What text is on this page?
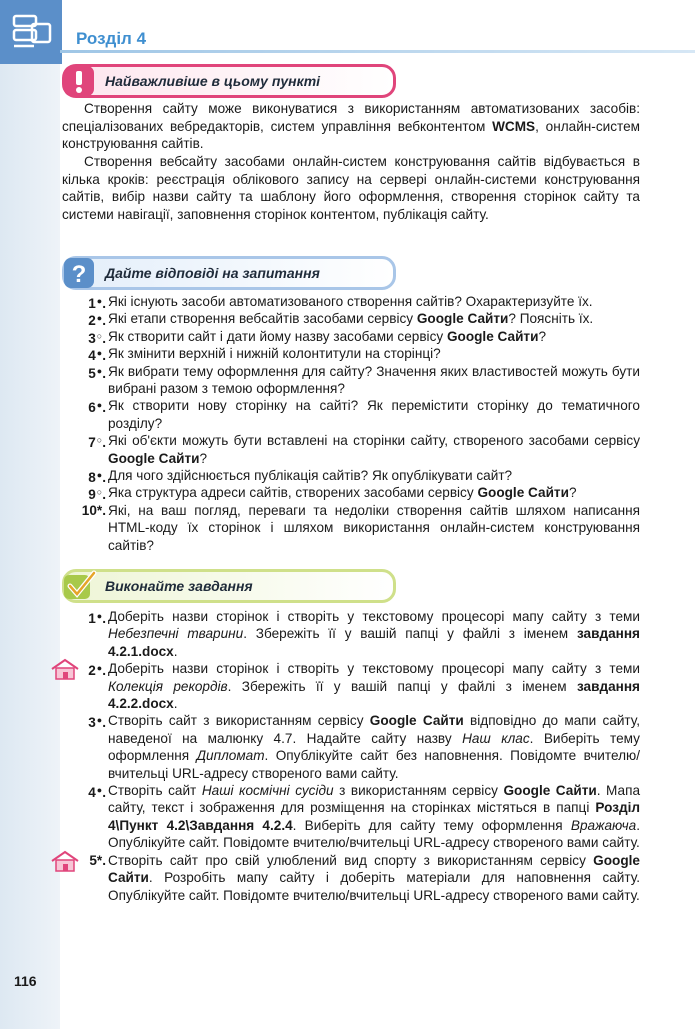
Розділ 4
Найважливіше в цьому пункті
Створення сайту може виконуватися з використанням автоматизованих засобів: спеціалізованих вебредакторів, систем управління вебконтентом WCMS, онлайн-систем конструювання сайтів.
Створення вебсайту засобами онлайн-систем конструювання сайтів відбувається в кілька кроків: реєстрація облікового запису на сервері онлайн-системи конструювання сайтів, вибір назви сайту та шаблону його оформлення, створення сторінок сайту та системи навігації, заповнення сторінок контентом, публікація сайту.
? Дайте відповіді на запитання
1●. Які існують засоби автоматизованого створення сайтів? Охарактеризуйте їх.
2●. Які етапи створення вебсайтів засобами сервісу Google Сайти? Поясніть їх.
3○. Як створити сайт і дати йому назву засобами сервісу Google Сайти?
4●. Як змінити верхній і нижній колонтитули на сторінці?
5●. Як вибрати тему оформлення для сайту? Значення яких властивостей можуть бути вибрані разом з темою оформлення?
6●. Як створити нову сторінку на сайті? Як перемістити сторінку до тематичного розділу?
7○. Які об'єкти можуть бути вставлені на сторінки сайту, створеного засобами сервісу Google Сайти?
8●. Для чого здійснюється публікація сайтів? Як опублікувати сайт?
9○. Яка структура адреси сайтів, створених засобами сервісу Google Сайти?
10*. Які, на ваш погляд, переваги та недоліки створення сайтів шляхом написання HTML-коду їх сторінок і шляхом використання онлайн-систем конструювання сайтів?
Виконайте завдання
1●. Доберіть назви сторінок і створіть у текстовому процесорі мапу сайту з теми Небезпечні тварини. Збережіть її у вашій папці у файлі з іменем завдання 4.2.1.docx.
2●. Доберіть назви сторінок і створіть у текстовому процесорі мапу сайту з теми Колекція рекордів. Збережіть її у вашій папці у файлі з іменем завдання 4.2.2.docx.
3●. Створіть сайт з використанням сервісу Google Сайти відповідно до мапи сайту, наведеної на малюнку 4.7. Надайте сайту назву Наш клас. Виберіть тему оформлення Дипломат. Опублікуйте сайт без наповнення. Повідомте вчителю/вчительці URL-адресу створеного вами сайту.
4●. Створіть сайт Наші космічні сусіди з використанням сервісу Google Сайти. Мапа сайту, текст і зображення для розміщення на сторінках містяться в папці Розділ 4\Пункт 4.2\Завдання 4.2.4. Виберіть для сайту тему оформлення Вражаюча. Опублікуйте сайт. Повідомте вчителю/вчительці URL-адресу створеного вами сайту.
5*. Створіть сайт про свій улюблений вид спорту з використанням сервісу Google Сайти. Розробіть мапу сайту і доберіть матеріали для наповнення сайту. Опублікуйте сайт. Повідомте вчителю/вчительці URL-адресу створеного вами сайту.
116
